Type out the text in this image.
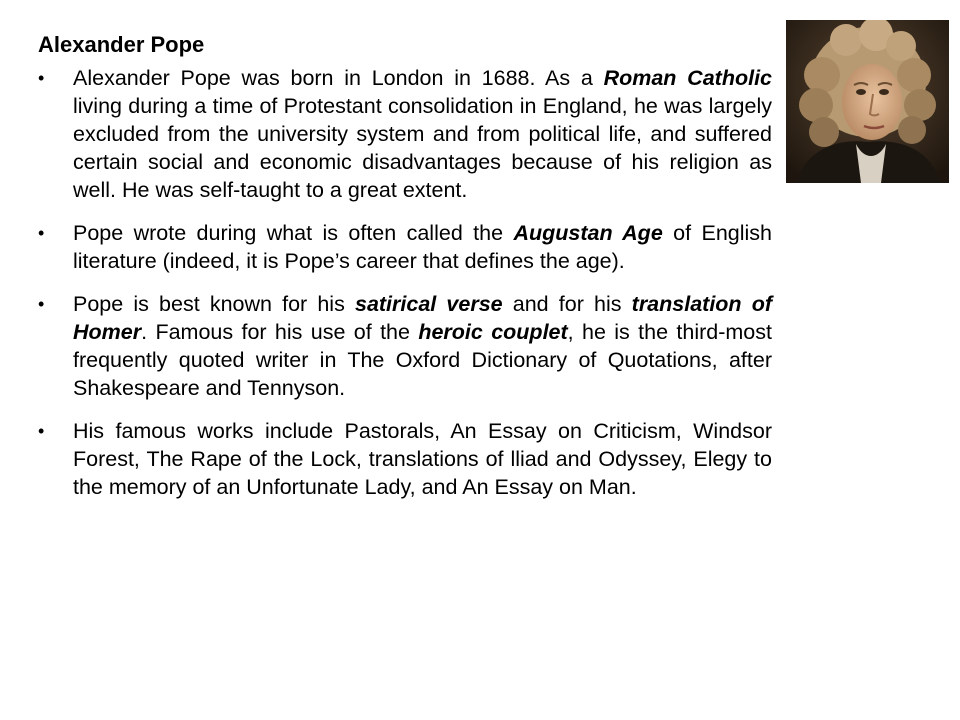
Alexander Pope
•	Alexander Pope was born in London in 1688. As a Roman Catholic living during a time of Protestant consolidation in England, he was largely excluded from the university system and from political life, and suffered certain social and economic disadvantages because of his religion as well. He was self-taught to a great extent.
•	Pope wrote during what is often called the Augustan Age of English literature (indeed, it is Pope’s career that defines the age).
•	Pope is best known for his satirical verse and for his translation of Homer. Famous for his use of the heroic couplet, he is the third-most frequently quoted writer in The Oxford Dictionary of Quotations, after Shakespeare and Tennyson.
•	His famous works include Pastorals, An Essay on Criticism, Windsor Forest, The Rape of the Lock, translations of lliad and Odyssey, Elegy to the memory of an Unfortunate Lady, and An Essay on Man.
